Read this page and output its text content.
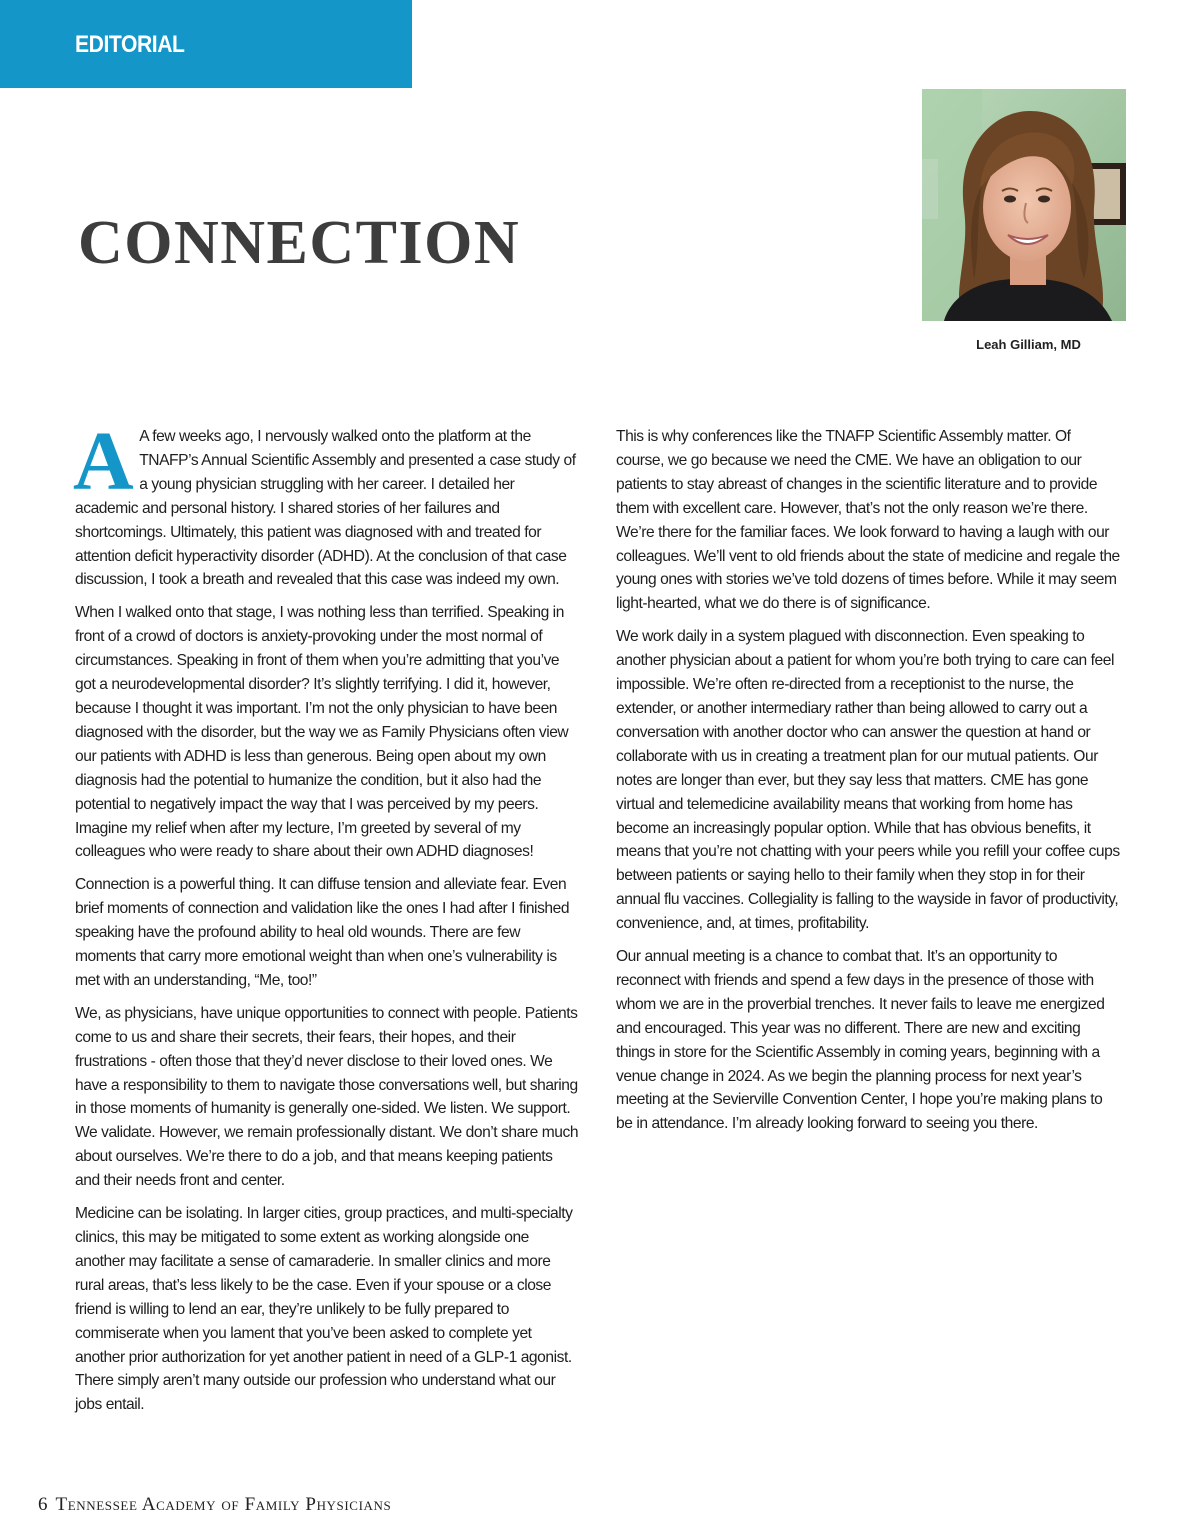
EDITORIAL
CONNECTION
Leah Gilliam, MD

A A few weeks ago, I nervously walked onto the platform at the TNAFP’s Annual Scientific Assembly and presented a case study of a young physician struggling with her career. I detailed her academic and personal history. I shared stories of her failures and shortcomings. Ultimately, this patient was diagnosed with and treated for attention deficit hyperactivity disorder (ADHD). At the conclusion of that case discussion, I took a breath and revealed that this case was indeed my own.

When I walked onto that stage, I was nothing less than terrified. Speaking in front of a crowd of doctors is anxiety-provoking under the most normal of circumstances. Speaking in front of them when you’re admitting that you’ve got a neurodevelopmental disorder? It’s slightly terrifying. I did it, however, because I thought it was important. I’m not the only physician to have been diagnosed with the disorder, but the way we as Family Physicians often view our patients with ADHD is less than generous. Being open about my own diagnosis had the potential to humanize the condition, but it also had the potential to negatively impact the way that I was perceived by my peers. Imagine my relief when after my lecture, I’m greeted by several of my colleagues who were ready to share about their own ADHD diagnoses!

Connection is a powerful thing. It can diffuse tension and alleviate fear. Even brief moments of connection and validation like the ones I had after I finished speaking have the profound ability to heal old wounds. There are few moments that carry more emotional weight than when one’s vulnerability is met with an understanding, “Me, too!”

We, as physicians, have unique opportunities to connect with people. Patients come to us and share their secrets, their fears, their hopes, and their frustrations - often those that they’d never disclose to their loved ones. We have a responsibility to them to navigate those conversations well, but sharing in those moments of humanity is generally one-sided. We listen. We support. We validate. However, we remain professionally distant. We don’t share much about ourselves. We’re there to do a job, and that means keeping patients and their needs front and center.

Medicine can be isolating. In larger cities, group practices, and multi-specialty clinics, this may be mitigated to some extent as working alongside one another may facilitate a sense of camaraderie. In smaller clinics and more rural areas, that’s less likely to be the case. Even if your spouse or a close friend is willing to lend an ear, they’re unlikely to be fully prepared to commiserate when you lament that you’ve been asked to complete yet another prior authorization for yet another patient in need of a GLP-1 agonist. There simply aren’t many outside our profession who understand what our jobs entail.

This is why conferences like the TNAFP Scientific Assembly matter. Of course, we go because we need the CME. We have an obligation to our patients to stay abreast of changes in the scientific literature and to provide them with excellent care. However, that’s not the only reason we’re there. We’re there for the familiar faces. We look forward to having a laugh with our colleagues. We’ll vent to old friends about the state of medicine and regale the young ones with stories we’ve told dozens of times before. While it may seem light-hearted, what we do there is of significance.

We work daily in a system plagued with disconnection. Even speaking to another physician about a patient for whom you’re both trying to care can feel impossible. We’re often re-directed from a receptionist to the nurse, the extender, or another intermediary rather than being allowed to carry out a conversation with another doctor who can answer the question at hand or collaborate with us in creating a treatment plan for our mutual patients. Our notes are longer than ever, but they say less that matters. CME has gone virtual and telemedicine availability means that working from home has become an increasingly popular option. While that has obvious benefits, it means that you’re not chatting with your peers while you refill your coffee cups between patients or saying hello to their family when they stop in for their annual flu vaccines. Collegiality is falling to the wayside in favor of productivity, convenience, and, at times, profitability.

Our annual meeting is a chance to combat that. It’s an opportunity to reconnect with friends and spend a few days in the presence of those with whom we are in the proverbial trenches. It never fails to leave me energized and encouraged. This year was no different. There are new and exciting things in store for the Scientific Assembly in coming years, beginning with a venue change in 2024. As we begin the planning process for next year’s meeting at the Sevierville Convention Center, I hope you’re making plans to be in attendance. I’m already looking forward to seeing you there.

6 Tennessee Academy of Family Physicians
